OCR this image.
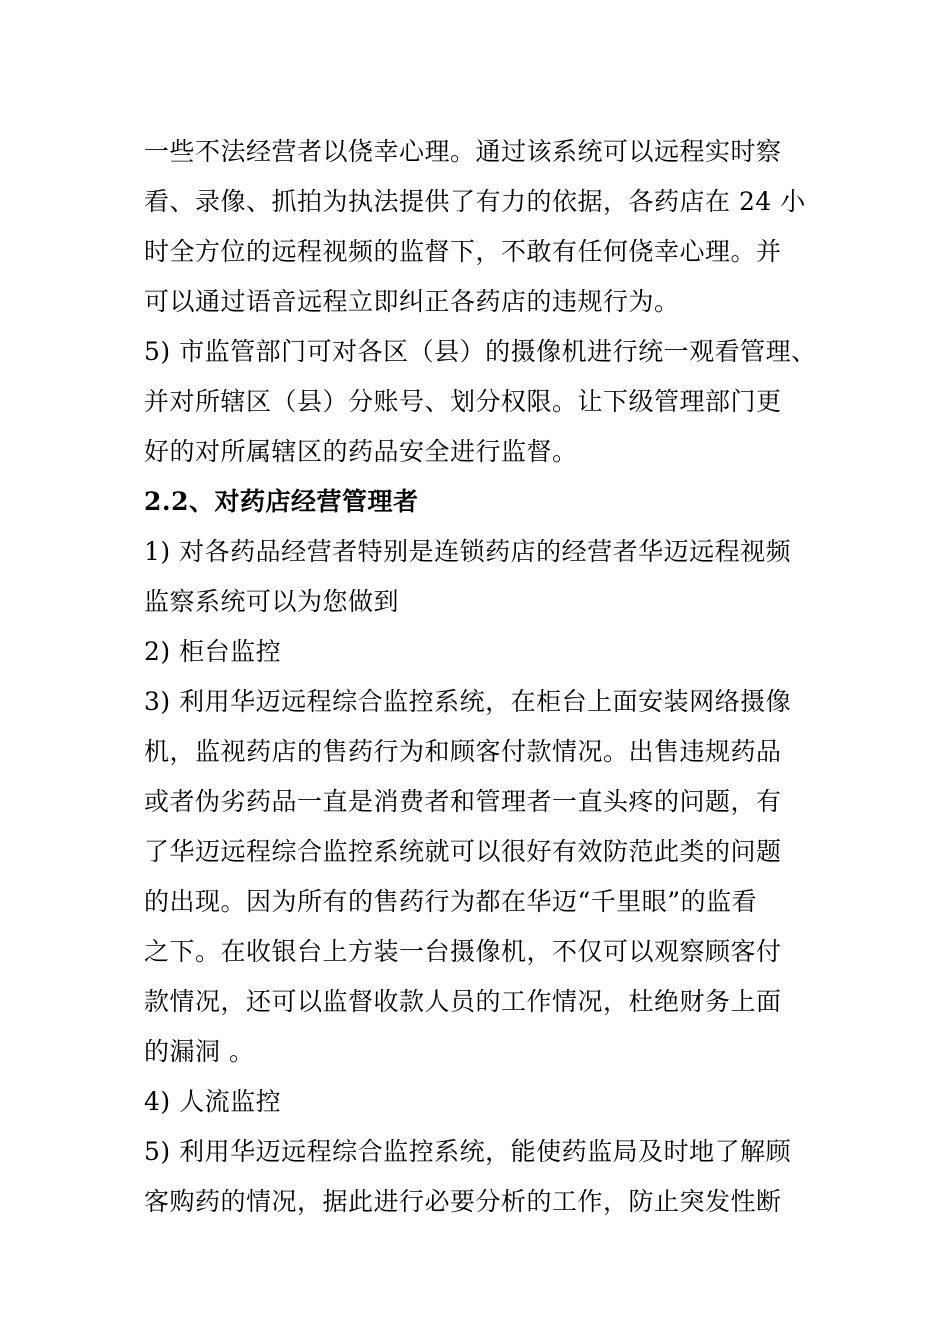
一些不法经营者以侥幸心理。通过该系统可以远程实时察
看、录像、抓拍为执法提供了有力的依据，各药店在 24 小
时全方位的远程视频的监督下，不敢有任何侥幸心理。并
可以通过语音远程立即纠正各药店的违规行为。
5) 市监管部门可对各区（县）的摄像机进行统一观看管理、
并对所辖区（县）分账号、划分权限。让下级管理部门更
好的对所属辖区的药品安全进行监督。
2.2、对药店经营管理者
1) 对各药品经营者特别是连锁药店的经营者华迈远程视频
监察系统可以为您做到
2) 柜台监控
3) 利用华迈远程综合监控系统，在柜台上面安装网络摄像
机，监视药店的售药行为和顾客付款情况。出售违规药品
或者伪劣药品一直是消费者和管理者一直头疼的问题，有
了华迈远程综合监控系统就可以很好有效防范此类的问题
的出现。因为所有的售药行为都在华迈“千里眼”的监看
之下。在收银台上方装一台摄像机，不仅可以观察顾客付
款情况，还可以监督收款人员的工作情况，杜绝财务上面
的漏洞 。
4) 人流监控
5) 利用华迈远程综合监控系统，能使药监局及时地了解顾
客购药的情况，据此进行必要分析的工作，防止突发性断
